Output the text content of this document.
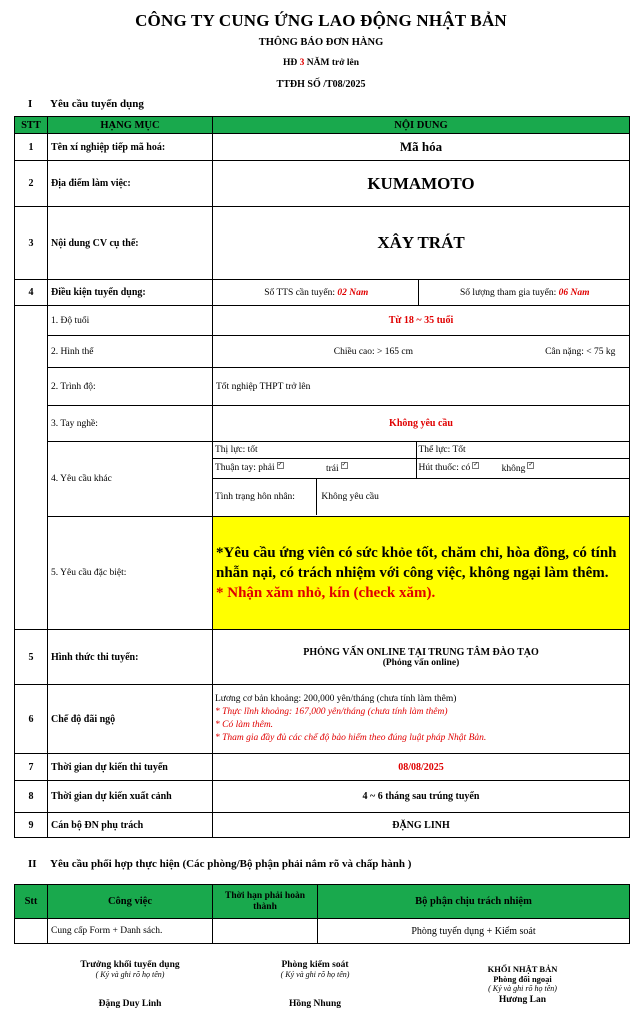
CÔNG TY CUNG ỨNG LAO ĐỘNG NHẬT BẢN
THÔNG BÁO ĐƠN HÀNG
HĐ 3 NĂM trở lên
TTĐH SỐ /T08/2025
I Yêu cầu tuyển dụng
STT	HẠNG MỤC	NỘI DUNG
1	Tên xí nghiệp tiếp mã hoá:	Mã hóa
2	Địa điểm làm việc:	KUMAMOTO
3	Nội dung CV cụ thể:	XÂY TRÁT
4	Điều kiện tuyển dụng:		Số TTS cần tuyển: 02 Nam	Số lượng tham gia tuyển: 06 Nam

	1. Độ tuổi	Từ 18 ~ 35 tuổi
	2. Hình thể	Chiều cao: > 165 cm	Cân nặng: < 75 kg
	2. Trình độ:	Tốt nghiệp THPT trở lên
	3. Tay nghề:	Không yêu cầu
	4. Yêu cầu khác	
Thị lực: tốt	Thể lực: Tốt
Thuận tay: phải ✓	trái ✓	Hút thuốc: có ✓ không ✓
Tình trạng hôn nhân:	Không yêu cầu

	5. Yêu cầu đặc biệt:	
*Yêu cầu ứng viên có sức khỏe tốt, chăm chỉ, hòa đồng, có tính nhẫn nại, có trách nhiệm với công việc, không ngại làm thêm.
* Nhận xăm nhỏ, kín (check xăm).

5	Hình thức thi tuyển:	PHỎNG VẤN ONLINE TẠI TRUNG TÂM ĐÀO TẠO
(Phỏng vấn online)

6	Chế độ đãi ngộ	
Lương cơ bản khoảng: 200,000 yên/tháng (chưa tính làm thêm)
* Thực lĩnh khoảng: 167,000 yên/tháng (chưa tính làm thêm)
* Có làm thêm.
* Tham gia đầy đủ các chế độ bảo hiểm theo đúng luật pháp Nhật Bản.

7	Thời gian dự kiến thi tuyển	08/08/2025
8	Thời gian dự kiến xuất cảnh	4 ~ 6 tháng sau trúng tuyển
9	Cán bộ ĐN phụ trách	ĐẶNG LINH
II Yêu cầu phối hợp thực hiện (Các phòng/Bộ phận phải nắm rõ và chấp hành )
Stt	Công việc	Thời hạn phải hoàn thành	Bộ phận chịu trách nhiệm
	Cung cấp Form + Danh sách.		Phòng tuyển dụng + Kiểm soát
Trưởng khối tuyển dụng
( Ký và ghi rõ họ tên)
Đặng Duy Linh
Phòng kiểm soát
( Ký và ghi rõ họ tên)
Hồng Nhung
KHỐI NHẬT BẢN
Phòng đối ngoại
( Ký và ghi rõ họ tên)
Hương Lan
